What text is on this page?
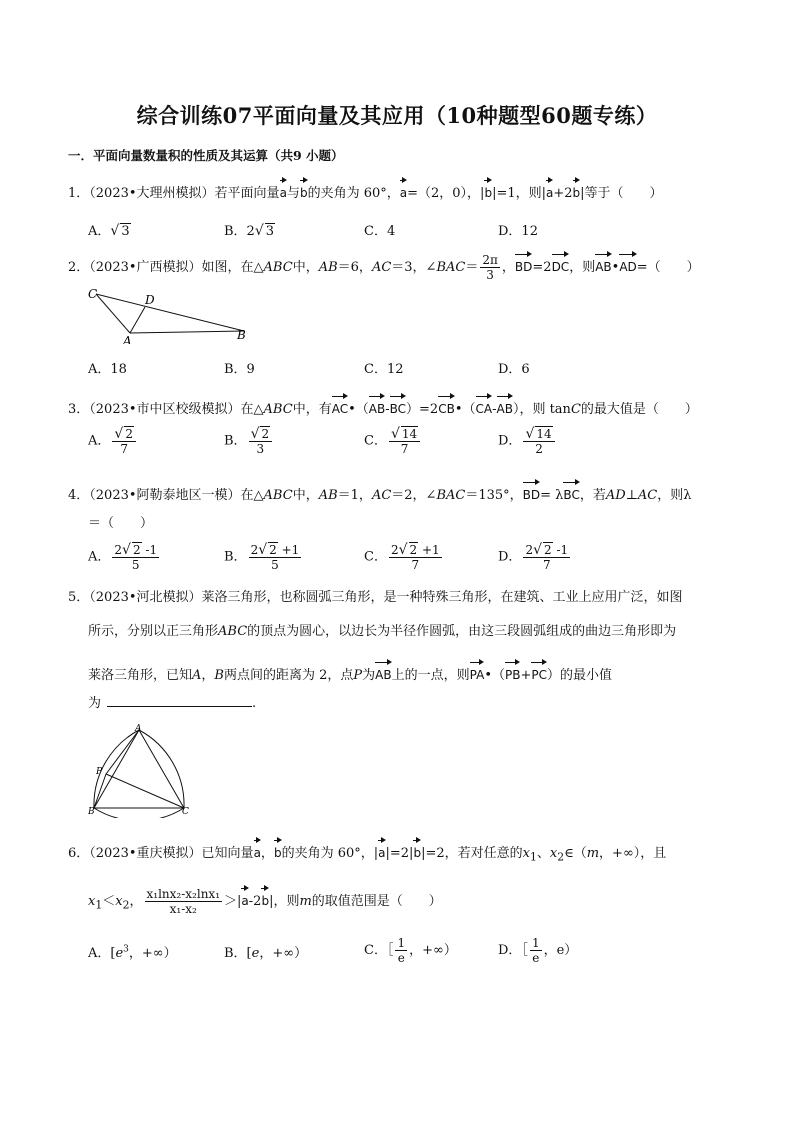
综合训练07平面向量及其应用（10种题型60题专练）
一．平面向量数量积的性质及其运算（共9 小题）
1．（2023•大理州模拟）若平面向量a与b的夹角为 60°，a=（2，0），|b|=1，则|a+2b|等于（　　）
A．√ 3	B．2√ 3	C．4	D．12
2．（2023•广西模拟）如图，在△ABC中，AB＝6，AC＝3，∠BAC＝ $\frac{2\pi}{3}$ ，BD=2DC，则AB•AD=（　　）
C	D
A	B
A．18	B．9	C．12	D．6
3．（2023•市中区校级模拟）在△ABC中，有AC•（AB-BC）=2CB•（CA-AB），则 tanC的最大值是（　　）
A． $\frac{√ 2}{7}$	B． $\frac{√ 2}{3}$	C． $\frac{√ 14}{7}$	D． $\frac{√ 14}{2}$
4．（2023•阿勒泰地区一模）在△ABC中，AB＝1，AC＝2，∠BAC＝135°，BD= λBC，若AD⊥AC，则λ
＝（　　）
A． $\frac{2√ 2 -1}{5}$	B． $\frac{2√ 2 +1}{5}$	C． $\frac{2√ 2 +1}{7}$	D． $\frac{2√ 2 -1}{7}$
5．（2023•河北模拟）莱洛三角形，也称圆弧三角形，是一种特殊三角形，在建筑、工业上应用广泛，如图
所示，分别以正三角形ABC的顶点为圆心，以边长为半径作圆弧，由这三段圆弧组成的曲边三角形即为
莱洛三角形，已知A，B两点间的距离为 2，点P为AB上的一点，则PA•（PB+PC）的最小值
为	.
A
P
B	C
6．（2023•重庆模拟）已知向量a，b的夹角为 60°，|a|=2|b|=2，若对任意的$x_1$、$x_2\in(m$，+∞），且
$x_1<x_2$， $\frac{\text{x₁lnx₂-x₂lnx₁}}{\text{x₁-x₂}} >|a-2b|$，则m的取值范围是（　　）
A．[$e^3$，+∞）	B．[e，+∞）	C．［ $\frac{1}{e}$ ，+∞）	D．［ $\frac{1}{e}$ ，e）
